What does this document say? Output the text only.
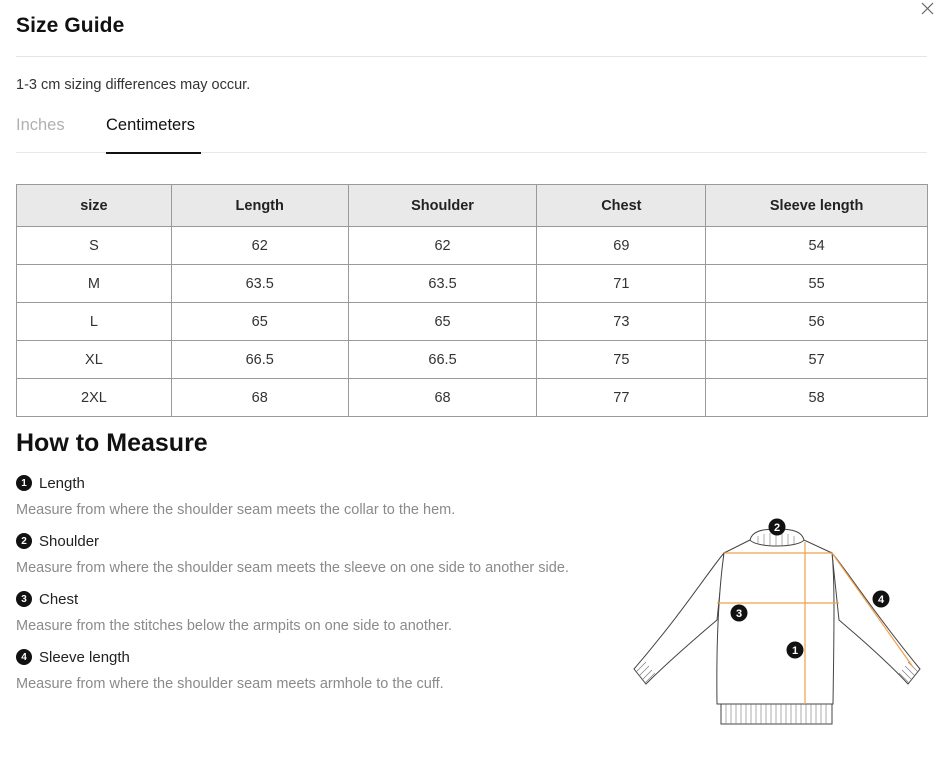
Size Guide
1-3 cm sizing differences may occur.
Inches	Centimeters
size	Length	Shoulder	Chest	Sleeve length
S	62	62	69	54
M	63.5	63.5	71	55
L	65	65	73	56
XL	66.5	66.5	75	57
2XL	68	68	77	58
How to Measure
1 Length
Measure from where the shoulder seam meets the collar to the hem.
2 Shoulder
Measure from where the shoulder seam meets the sleeve on one side to another side.
3 Chest
Measure from the stitches below the armpits on one side to another.
4 Sleeve length
Measure from where the shoulder seam meets armhole to the cuff.
2
3
1
4
